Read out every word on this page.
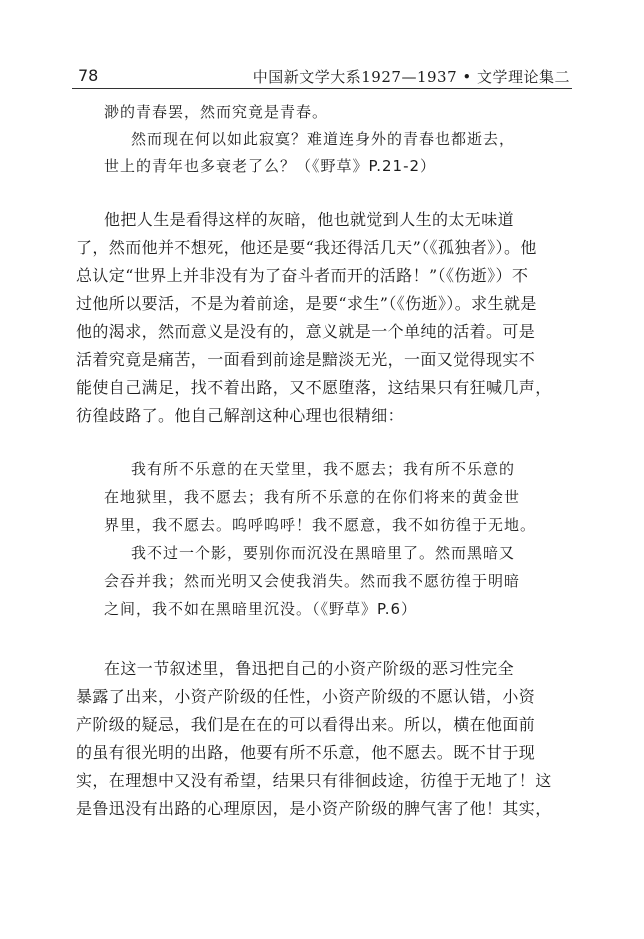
78	中国新文学大系1927—1937 • 文学理论集二
渺的青春罢，然而究竟是青春。
然而现在何以如此寂寞？难道连身外的青春也都逝去，
世上的青年也多衰老了么？（《野草》P.21-2）
他把人生是看得这样的灰暗，他也就觉到人生的太无味道
了，然而他并不想死，他还是要“我还得活几天”（《孤独者》）。他
总认定“世界上并非没有为了奋斗者而开的活路！”（《伤逝》）不
过他所以要活，不是为着前途，是要“求生”（《伤逝》）。求生就是
他的渴求，然而意义是没有的，意义就是一个单纯的活着。可是
活着究竟是痛苦，一面看到前途是黯淡无光，一面又觉得现实不
能使自己满足，找不着出路，又不愿堕落，这结果只有狂喊几声，
彷徨歧路了。他自己解剖这种心理也很精细：
我有所不乐意的在天堂里，我不愿去；我有所不乐意的
在地狱里，我不愿去；我有所不乐意的在你们将来的黄金世
界里，我不愿去。呜呼呜呼！我不愿意，我不如彷徨于无地。
我不过一个影，要别你而沉没在黑暗里了。然而黑暗又
会吞并我；然而光明又会使我消失。然而我不愿彷徨于明暗
之间，我不如在黑暗里沉没。（《野草》P.6）
在这一节叙述里，鲁迅把自己的小资产阶级的恶习性完全
暴露了出来，小资产阶级的任性，小资产阶级的不愿认错，小资
产阶级的疑忌，我们是在在的可以看得出来。所以，横在他面前
的虽有很光明的出路，他要有所不乐意，他不愿去。既不甘于现
实，在理想中又没有希望，结果只有徘徊歧途，彷徨于无地了！这
是鲁迅没有出路的心理原因，是小资产阶级的脾气害了他！其实，
